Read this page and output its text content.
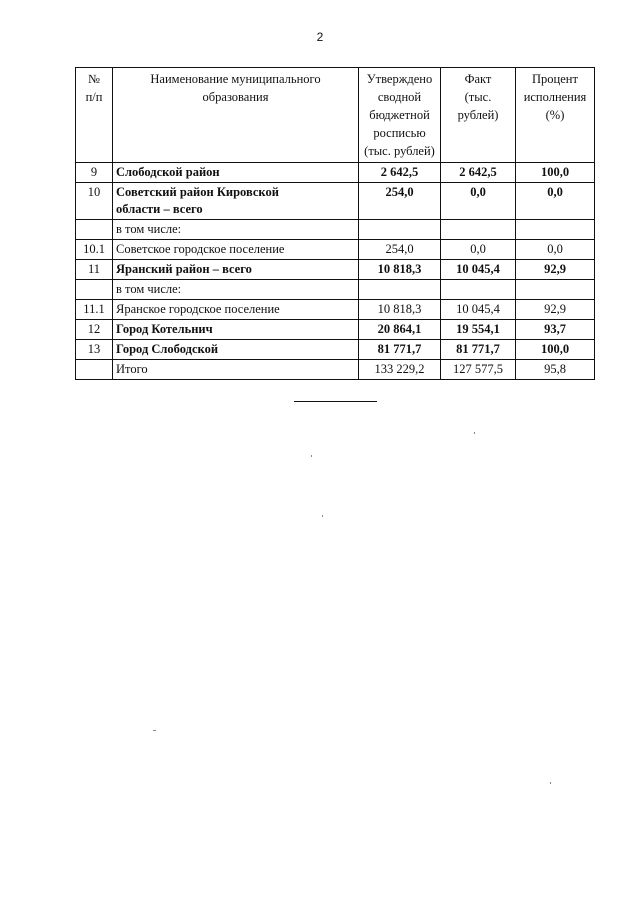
2
№ п/п	Наименование муниципального образования	Утверждено сводной бюджетной росписью (тыс. рублей)	Факт (тыс. рублей)	Процент исполнения (%)

9	Слободской район	2 642,5	2 642,5	100,0
10	Советский район Кировской области – всего	254,0	0,0	0,0
	в том числе:			
10.1	Советское городское поселение	254,0	0,0	0,0
11	Яранский район – всего	10 818,3	10 045,4	92,9
	в том числе:			
11.1	Яранское городское поселение	10 818,3	10 045,4	92,9
12	Город Котельнич	20 864,1	19 554,1	93,7
13	Город Слободской	81 771,7	81 771,7	100,0
	Итого	133 229,2	127 577,5	95,8
